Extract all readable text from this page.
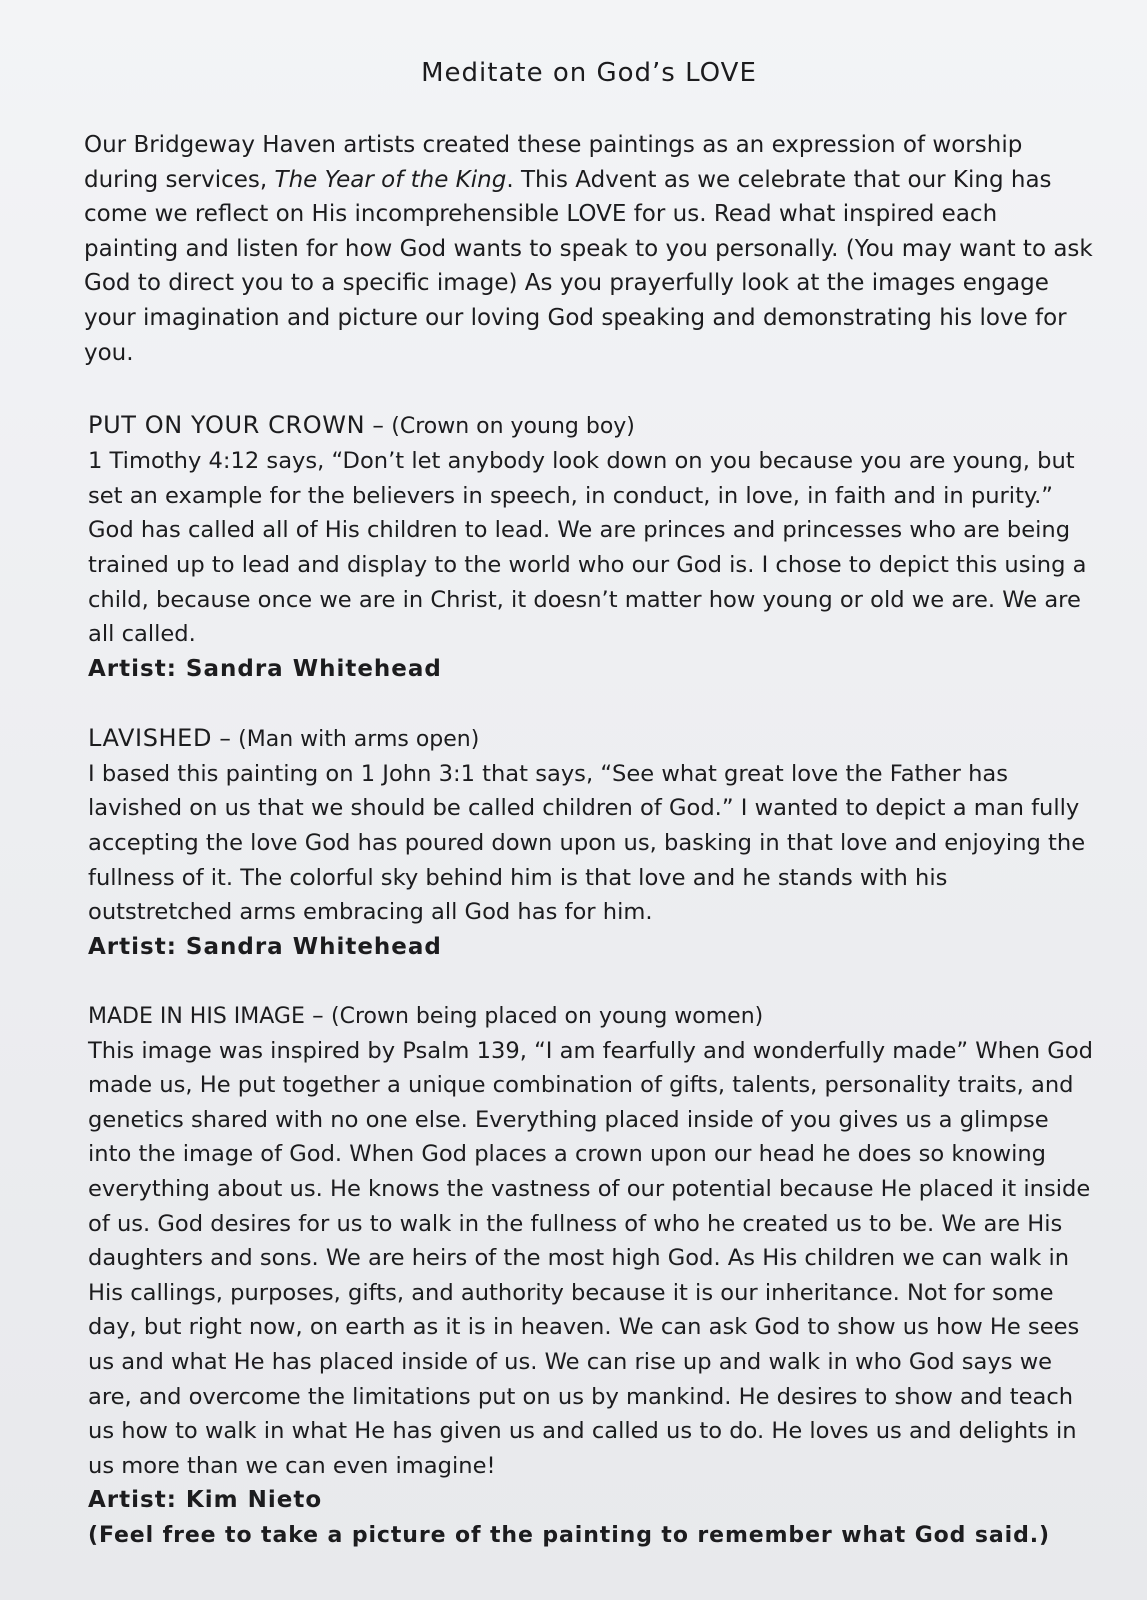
Meditate on God’s LOVE

Our Bridgeway Haven artists created these paintings as an expression of worship during services, The Year of the King. This Advent as we celebrate that our King has come we reflect on His incomprehensible LOVE for us. Read what inspired each painting and listen for how God wants to speak to you personally. (You may want to ask God to direct you to a specific image) As you prayerfully look at the images engage your imagination and picture our loving God speaking and demonstrating his love for you.

PUT ON YOUR CROWN – (Crown on young boy)
1 Timothy 4:12 says, “Don’t let anybody look down on you because you are young, but set an example for the believers in speech, in conduct, in love, in faith and in purity.” God has called all of His children to lead. We are princes and princesses who are being trained up to lead and display to the world who our God is. I chose to depict this using a child, because once we are in Christ, it doesn’t matter how young or old we are. We are all called.
Artist: Sandra Whitehead
LAVISHED – (Man with arms open)
I based this painting on 1 John 3:1 that says, “See what great love the Father has lavished on us that we should be called children of God.” I wanted to depict a man fully accepting the love God has poured down upon us, basking in that love and enjoying the fullness of it. The colorful sky behind him is that love and he stands with his outstretched arms embracing all God has for him.
Artist: Sandra Whitehead
MADE IN HIS IMAGE – (Crown being placed on young women)
This image was inspired by Psalm 139, “I am fearfully and wonderfully made” When God made us, He put together a unique combination of gifts, talents, personality traits, and genetics shared with no one else. Everything placed inside of you gives us a glimpse into the image of God. When God places a crown upon our head he does so knowing everything about us. He knows the vastness of our potential because He placed it inside of us. God desires for us to walk in the fullness of who he created us to be. We are His daughters and sons. We are heirs of the most high God. As His children we can walk in His callings, purposes, gifts, and authority because it is our inheritance. Not for some day, but right now, on earth as it is in heaven. We can ask God to show us how He sees us and what He has placed inside of us. We can rise up and walk in who God says we are, and overcome the limitations put on us by mankind. He desires to show and teach us how to walk in what He has given us and called us to do. He loves us and delights in us more than we can even imagine!
Artist: Kim Nieto
(Feel free to take a picture of the painting to remember what God said.)
